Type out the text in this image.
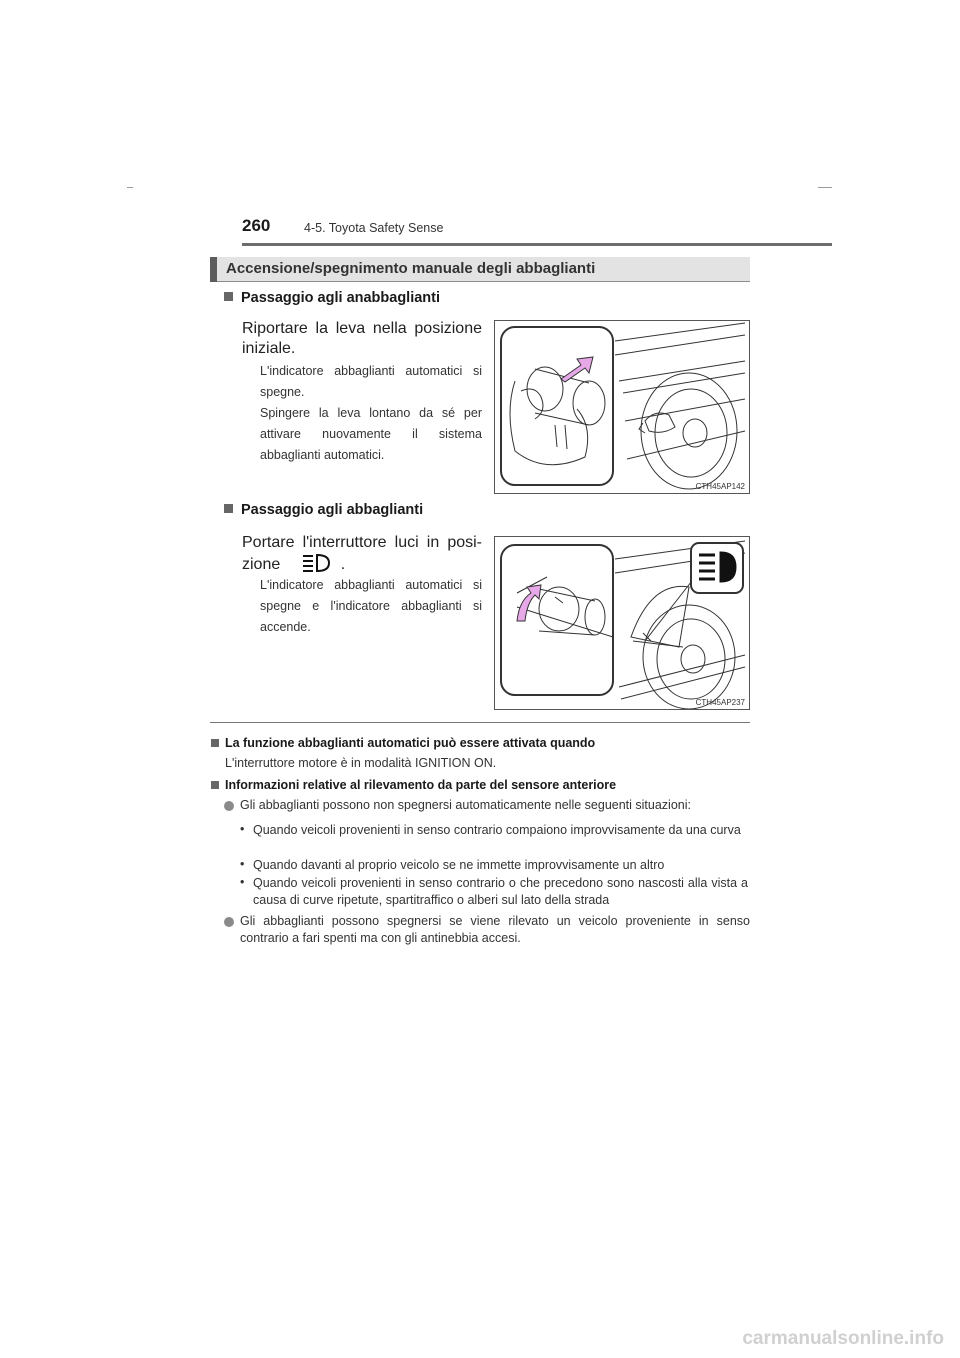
260	4-5. Toyota Safety Sense
Accensione/spegnimento manuale degli abbaglianti
Passaggio agli anabbaglianti
Riportare la leva nella posizione
iniziale.
L'indicatore abbaglianti automatici si spegne.
Spingere la leva lontano da sé per attivare nuovamente il sistema abbaglianti automatici.
CTH45AP142
Passaggio agli abbaglianti
Portare l'interruttore luci in posi-
zione	.
L'indicatore abbaglianti automatici si spegne e l'indicatore abbaglianti si accende.
CTH45AP237
La funzione abbaglianti automatici può essere attivata quando
L'interruttore motore è in modalità IGNITION ON.
Informazioni relative al rilevamento da parte del sensore anteriore
Gli abbaglianti possono non spegnersi automaticamente nelle seguenti situazioni:
• Quando veicoli provenienti in senso contrario compaiono improvvisamente da una curva
• Quando davanti al proprio veicolo se ne immette improvvisamente un altro
• Quando veicoli provenienti in senso contrario o che precedono sono nascosti alla vista a causa di curve ripetute, spartitraffico o alberi sul lato della strada
Gli abbaglianti possono spegnersi se viene rilevato un veicolo proveniente in senso contrario a fari spenti ma con gli antinebbia accesi.
carmanualsonline.info
